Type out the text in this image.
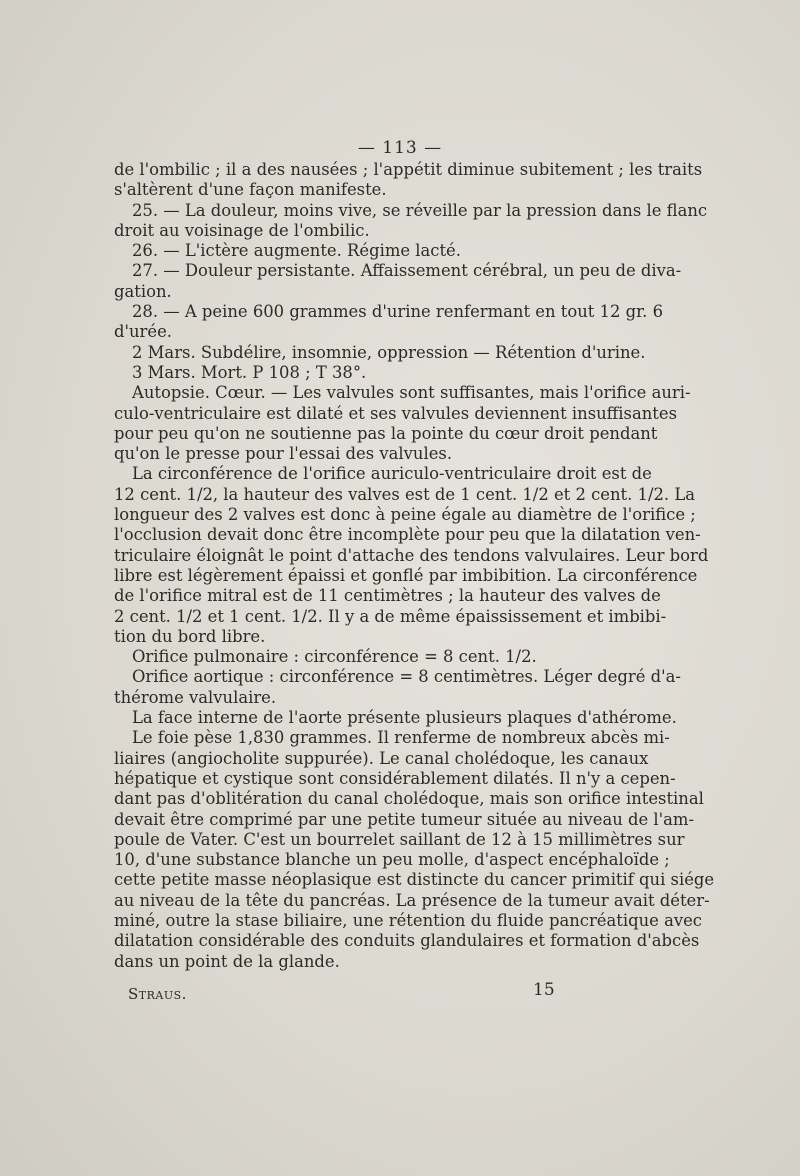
— 113 —
de l'ombilic ; il a des nausées ; l'appétit diminue subitement ; les traits
s'altèrent d'une façon manifeste.
25. — La douleur, moins vive, se réveille par la pression dans le flanc
droit au voisinage de l'ombilic.
26. — L'ictère augmente. Régime lacté.
27. — Douleur persistante. Affaissement cérébral, un peu de diva-
gation.
28. — A peine 600 grammes d'urine renfermant en tout 12 gr. 6
d'urée.
2 Mars. Subdélire, insomnie, oppression — Rétention d'urine.
3 Mars. Mort. P 108 ; T 38°.
Autopsie. Cœur. — Les valvules sont suffisantes, mais l'orifice auri-
culo-ventriculaire est dilaté et ses valvules deviennent insuffisantes
pour peu qu'on ne soutienne pas la pointe du cœur droit pendant
qu'on le presse pour l'essai des valvules.
La circonférence de l'orifice auriculo-ventriculaire droit est de
12 cent. 1/2, la hauteur des valves est de 1 cent. 1/2 et 2 cent. 1/2. La
longueur des 2 valves est donc à peine égale au diamètre de l'orifice ;
l'occlusion devait donc être incomplète pour peu que la dilatation ven-
triculaire éloignât le point d'attache des tendons valvulaires. Leur bord
libre est légèrement épaissi et gonflé par imbibition. La circonférence
de l'orifice mitral est de 11 centimètres ; la hauteur des valves de
2 cent. 1/2 et 1 cent. 1/2. Il y a de même épaississement et imbibi-
tion du bord libre.
Orifice pulmonaire : circonférence = 8 cent. 1/2.
Orifice aortique : circonférence = 8 centimètres. Léger degré d'a-
thérome valvulaire.
La face interne de l'aorte présente plusieurs plaques d'athérome.
Le foie pèse 1,830 grammes. Il renferme de nombreux abcès mi-
liaires (angiocholite suppurée). Le canal cholédoque, les canaux
hépatique et cystique sont considérablement dilatés. Il n'y a cepen-
dant pas d'oblitération du canal cholédoque, mais son orifice intestinal
devait être comprimé par une petite tumeur située au niveau de l'am-
poule de Vater. C'est un bourrelet saillant de 12 à 15 millimètres sur
10, d'une substance blanche un peu molle, d'aspect encéphaloïde ;
cette petite masse néoplasique est distincte du cancer primitif qui siége
au niveau de la tête du pancréas. La présence de la tumeur avait déter-
miné, outre la stase biliaire, une rétention du fluide pancréatique avec
dilatation considérable des conduits glandulaires et formation d'abcès
dans un point de la glande.
Straus.	15
